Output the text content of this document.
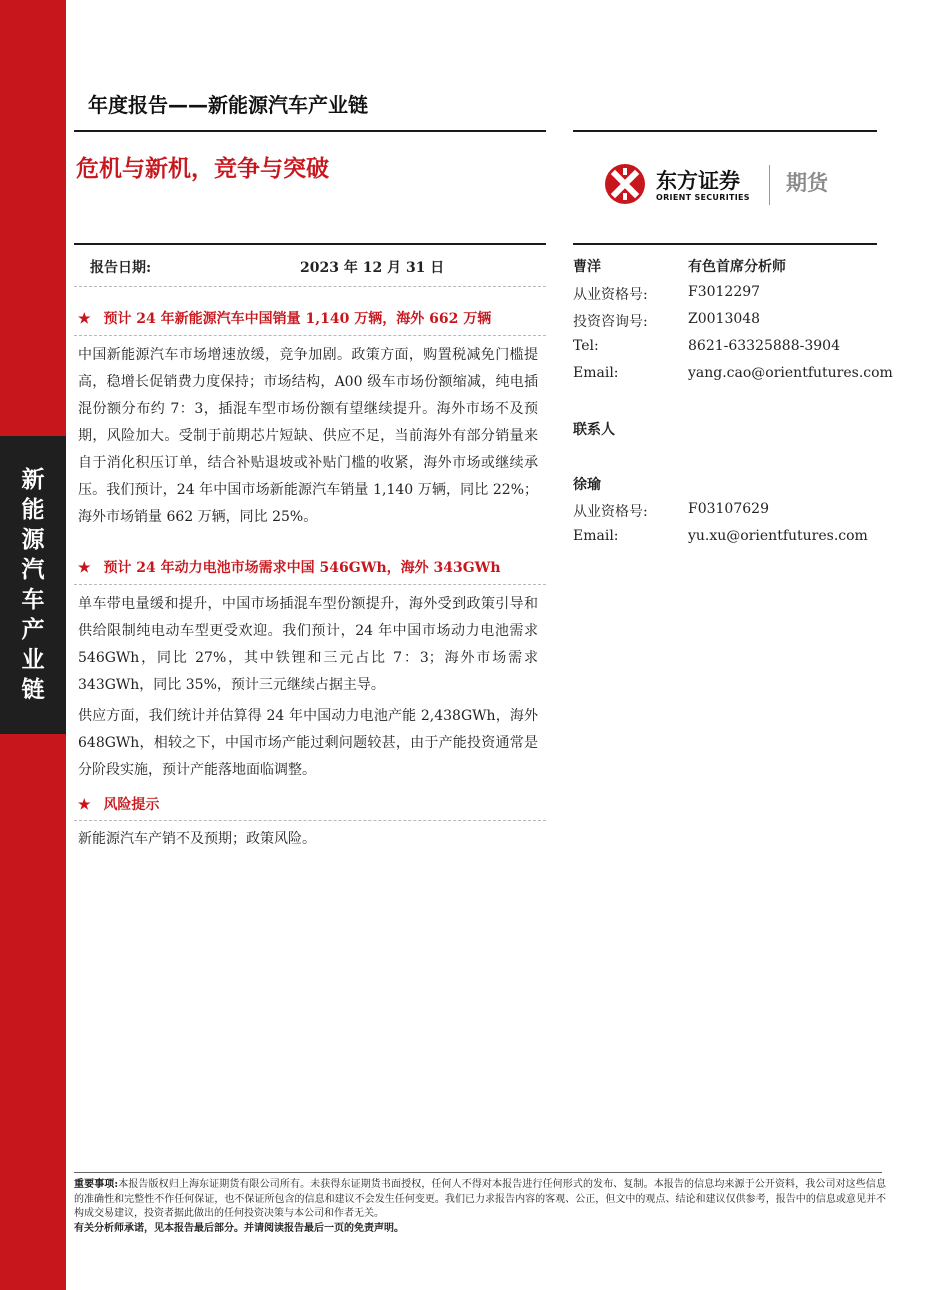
新
能
源
汽
车
产
业
链
年度报告——新能源汽车产业链
危机与新机，竞争与突破	东方证券
ORIENT SECURITIES
期货
报告日期:	2023 年 12 月 31 日
★ 预计 24 年新能源汽车中国销量 1,140 万辆，海外 662 万辆
中国新能源汽车市场增速放缓，竞争加剧。政策方面，购置税减免门槛提高，稳增长促销费力度保持；市场结构，A00 级车市场份额缩减，纯电插混份额分布约 7：3，插混车型市场份额有望继续提升。海外市场不及预期，风险加大。受制于前期芯片短缺、供应不足，当前海外有部分销量来自于消化积压订单，结合补贴退坡或补贴门槛的收紧，海外市场或继续承压。我们预计，24 年中国市场新能源汽车销量 1,140 万辆，同比 22%；海外市场销量 662 万辆，同比 25%。
★ 预计 24 年动力电池市场需求中国 546GWh，海外 343GWh
单车带电量缓和提升，中国市场插混车型份额提升，海外受到政策引导和供给限制纯电动车型更受欢迎。我们预计，24 年中国市场动力电池需求 546GWh，同比 27%，其中铁锂和三元占比 7：3；海外市场需求 343GWh，同比 35%，预计三元继续占据主导。
供应方面，我们统计并估算得 24 年中国动力电池产能 2,438GWh，海外 648GWh，相较之下，中国市场产能过剩问题较甚，由于产能投资通常是分阶段实施，预计产能落地面临调整。
★ 风险提示
新能源汽车产销不及预期；政策风险。
曹洋	有色首席分析师
从业资格号:	F3012297
投资咨询号:	Z0013048
Tel:	8621-63325888-3904
Email:	yang.cao@orientfutures.com
联系人
徐瑜
从业资格号:	F03107629
Email:	yu.xu@orientfutures.com
重要事项:本报告版权归上海东证期货有限公司所有。未获得东证期货书面授权，任何人不得对本报告进行任何形式的发布、复制。本报告的信息均来源于公开资料，我公司对这些信息的准确性和完整性不作任何保证，也不保证所包含的信息和建议不会发生任何变更。我们已力求报告内容的客观、公正，但文中的观点、结论和建议仅供参考，报告中的信息或意见并不构成交易建议，投资者据此做出的任何投资决策与本公司和作者无关。
有关分析师承诺，见本报告最后部分。并请阅读报告最后一页的免责声明。
